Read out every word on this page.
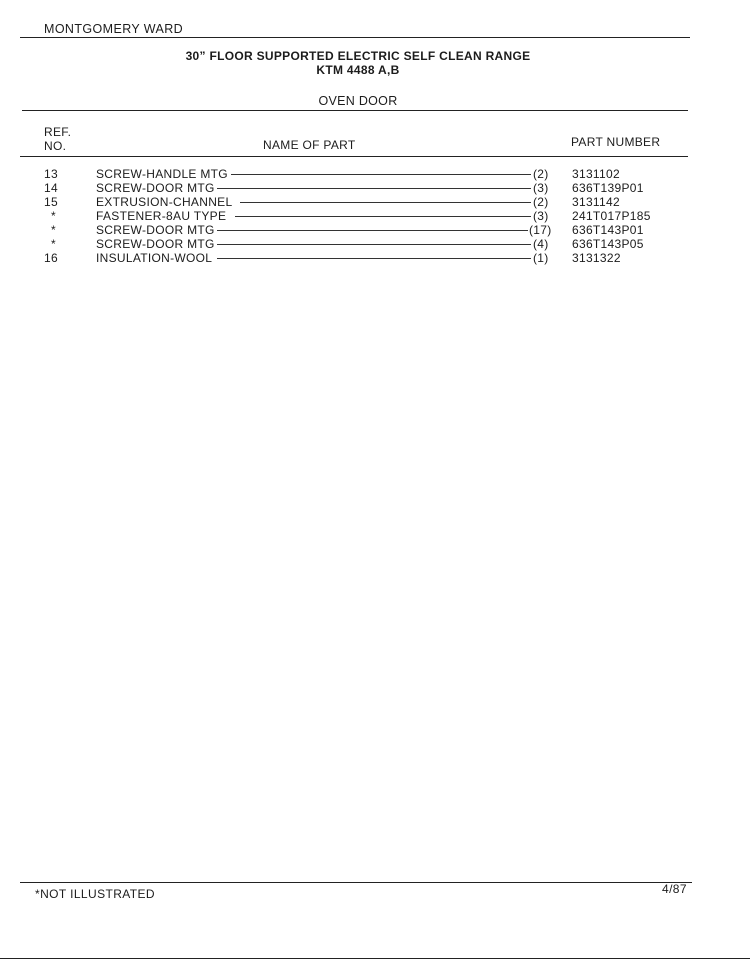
MONTGOMERY WARD
30” FLOOR SUPPORTED ELECTRIC SELF CLEAN RANGE
KTM 4488 A,B
OVEN DOOR
REF.
NO.	NAME OF PART	PART NUMBER
13	SCREW-HANDLE MTG	(2)	3131102
14	SCREW-DOOR MTG	(3)	636T139P01
15	EXTRUSION-CHANNEL	(2)	3131142
*	FASTENER-8AU TYPE	(3)	241T017P185
*	SCREW-DOOR MTG	(17) 636T143P01
*	SCREW-DOOR MTG	(4)	636T143P05
16	INSULATION-WOOL	(1)	3131322
*NOT ILLUSTRATED	4/87
